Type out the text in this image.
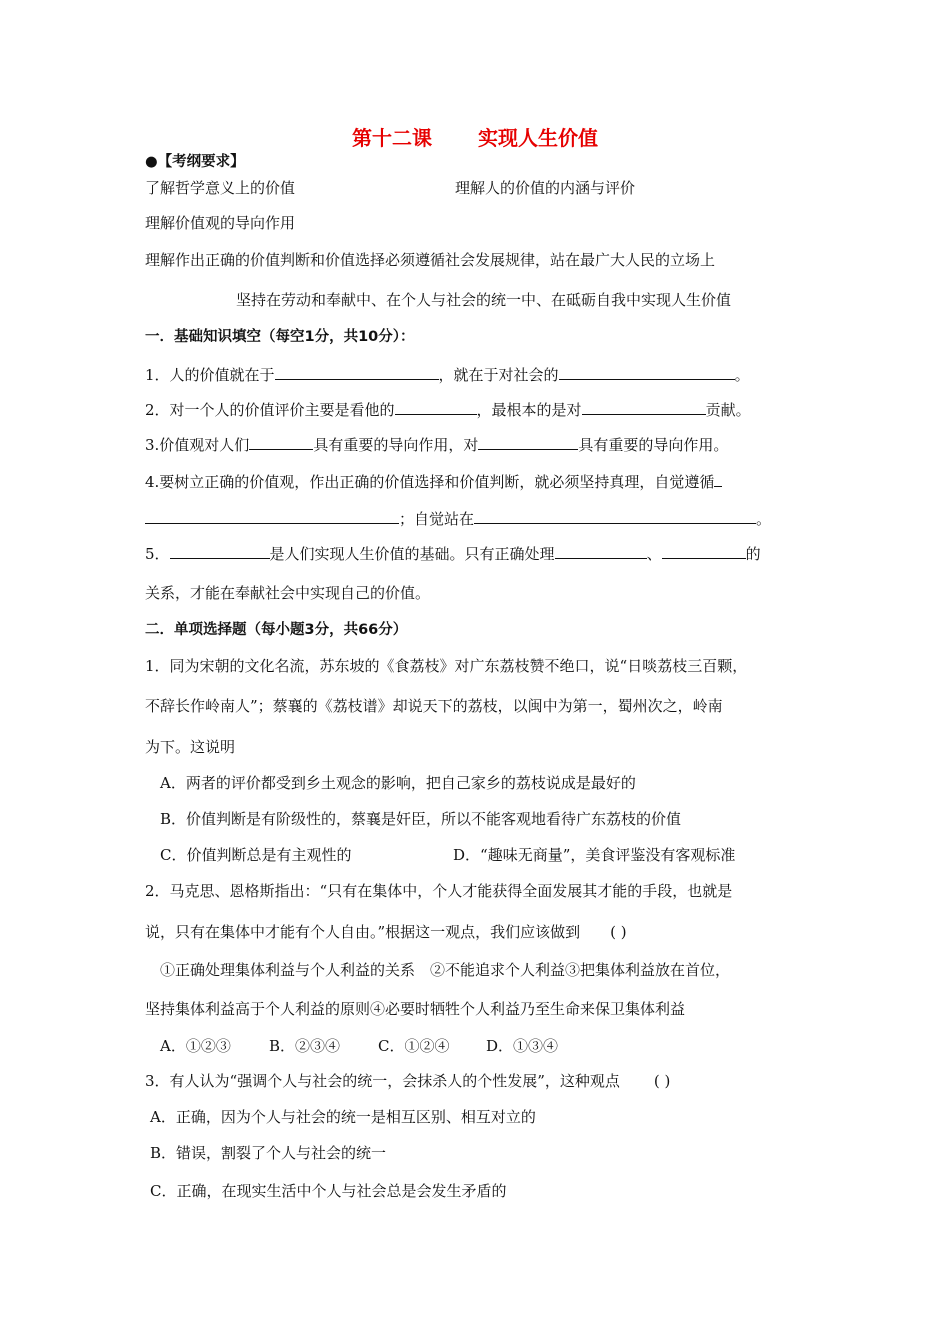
第十二课 实现人生价值
●【考纲要求】
了解哲学意义上的价值	理解人的价值的内涵与评价
理解价值观的导向作用
理解作出正确的价值判断和价值选择必须遵循社会发展规律，站在最广大人民的立场上
坚持在劳动和奉献中、在个人与社会的统一中、在砥砺自我中实现人生价值
一．基础知识填空（每空1分，共10分）：
1．人的价值就在于	，就在于对社会的	。
2．对一个人的价值评价主要是看他的	，最根本的是对	贡献。
3.价值观对人们	具有重要的导向作用，对	具有重要的导向作用。
4.要树立正确的价值观，作出正确的价值选择和价值判断，就必须坚持真理，自觉遵循
；自觉站在	。
5．	是人们实现人生价值的基础。只有正确处理	、	的
关系，才能在奉献社会中实现自己的价值。
二．单项选择题（每小题3分，共66分）
1．同为宋朝的文化名流，苏东坡的《食荔枝》对广东荔枝赞不绝口，说“日啖荔枝三百颗，
不辞长作岭南人”；蔡襄的《荔枝谱》却说天下的荔枝，以闽中为第一，蜀州次之，岭南
为下。这说明
A．两者的评价都受到乡土观念的影响，把自己家乡的荔枝说成是最好的
B．价值判断是有阶级性的，蔡襄是奸臣，所以不能客观地看待广东荔枝的价值
C．价值判断总是有主观性的	D．“趣味无商量”，美食评鉴没有客观标准
2．马克思、恩格斯指出：“只有在集体中，个人才能获得全面发展其才能的手段，也就是
说，只有在集体中才能有个人自由。”根据这一观点，我们应该做到 ( )
①正确处理集体利益与个人利益的关系　②不能追求个人利益③把集体利益放在首位，
坚持集体利益高于个人利益的原则④必要时牺牲个人利益乃至生命来保卫集体利益
A．①②③	B．②③④	C．①②④ D．①③④
3．有人认为“强调个人与社会的统一，会抹杀人的个性发展”，这种观点 ( )
A．正确，因为个人与社会的统一是相互区别、相互对立的
B．错误，割裂了个人与社会的统一
C．正确，在现实生活中个人与社会总是会发生矛盾的
